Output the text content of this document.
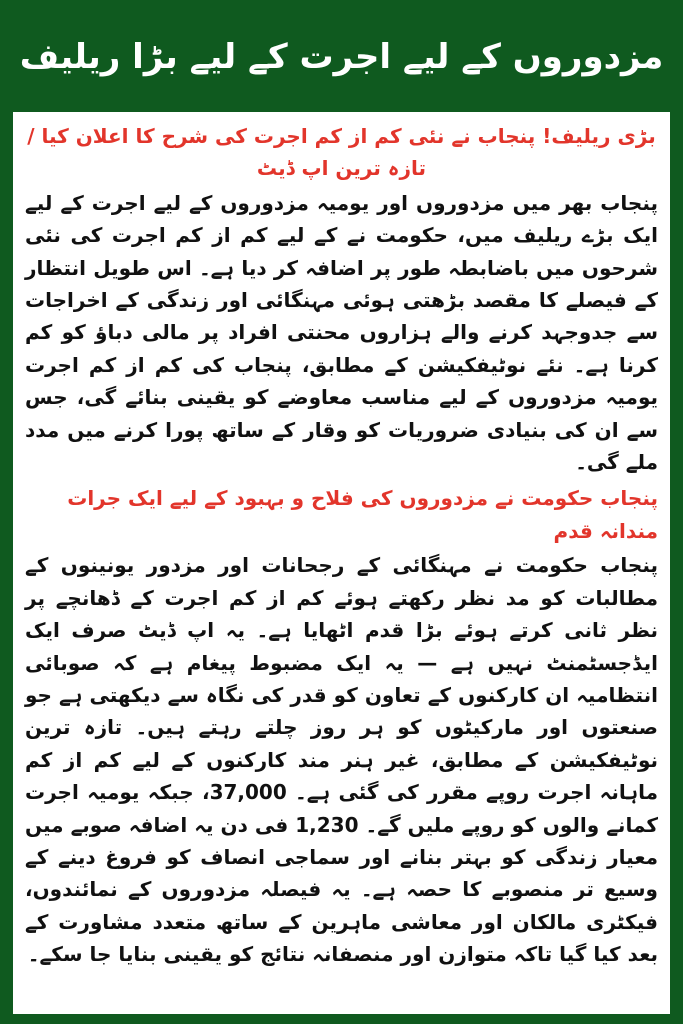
مزدوروں کے لیے اجرت کے لیے بڑا ریلیف

بڑی ریلیف! پنجاب نے نئی کم از کم اجرت کی شرح کا اعلان کیا / تازہ ترین اپ ڈیٹ

پنجاب بھر میں مزدوروں اور یومیہ مزدوروں کے لیے اجرت کے لیے ایک بڑے ریلیف میں، حکومت نے کے لیے کم از کم اجرت کی نئی شرحوں میں باضابطہ طور پر اضافہ کر دیا ہے۔ اس طویل انتظار کے فیصلے کا مقصد بڑھتی ہوئی مہنگائی اور زندگی کے اخراجات سے جدوجہد کرنے والے ہزاروں محنتی افراد پر مالی دباؤ کو کم کرنا ہے۔ نئے نوٹیفکیشن کے مطابق، پنجاب کی کم از کم اجرت یومیہ مزدوروں کے لیے مناسب معاوضے کو یقینی بنائے گی، جس سے ان کی بنیادی ضروریات کو وقار کے ساتھ پورا کرنے میں مدد ملے گی۔

پنجاب حکومت نے مزدوروں کی فلاح و بہبود کے لیے ایک جرات مندانہ قدم

پنجاب حکومت نے مہنگائی کے رجحانات اور مزدور یونینوں کے مطالبات کو مد نظر رکھتے ہوئے کم از کم اجرت کے ڈھانچے پر نظر ثانی کرتے ہوئے بڑا قدم اٹھایا ہے۔ یہ اپ ڈیٹ صرف ایک ایڈجسٹمنٹ نہیں ہے — یہ ایک مضبوط پیغام ہے کہ صوبائی انتظامیہ ان کارکنوں کے تعاون کو قدر کی نگاہ سے دیکھتی ہے جو صنعتوں اور مارکیٹوں کو ہر روز چلتے رہتے ہیں۔ تازہ ترین نوٹیفکیشن کے مطابق، غیر ہنر مند کارکنوں کے لیے کم از کم ماہانہ اجرت روپے مقرر کی گئی ہے۔ 37,000، جبکہ یومیہ اجرت کمانے والوں کو روپے ملیں گے۔ 1,230 فی دن یہ اضافہ صوبے میں معیار زندگی کو بہتر بنانے اور سماجی انصاف کو فروغ دینے کے وسیع تر منصوبے کا حصہ ہے۔ یہ فیصلہ مزدوروں کے نمائندوں، فیکٹری مالکان اور معاشی ماہرین کے ساتھ متعدد مشاورت کے بعد کیا گیا تاکہ متوازن اور منصفانہ نتائج کو یقینی بنایا جا سکے۔
